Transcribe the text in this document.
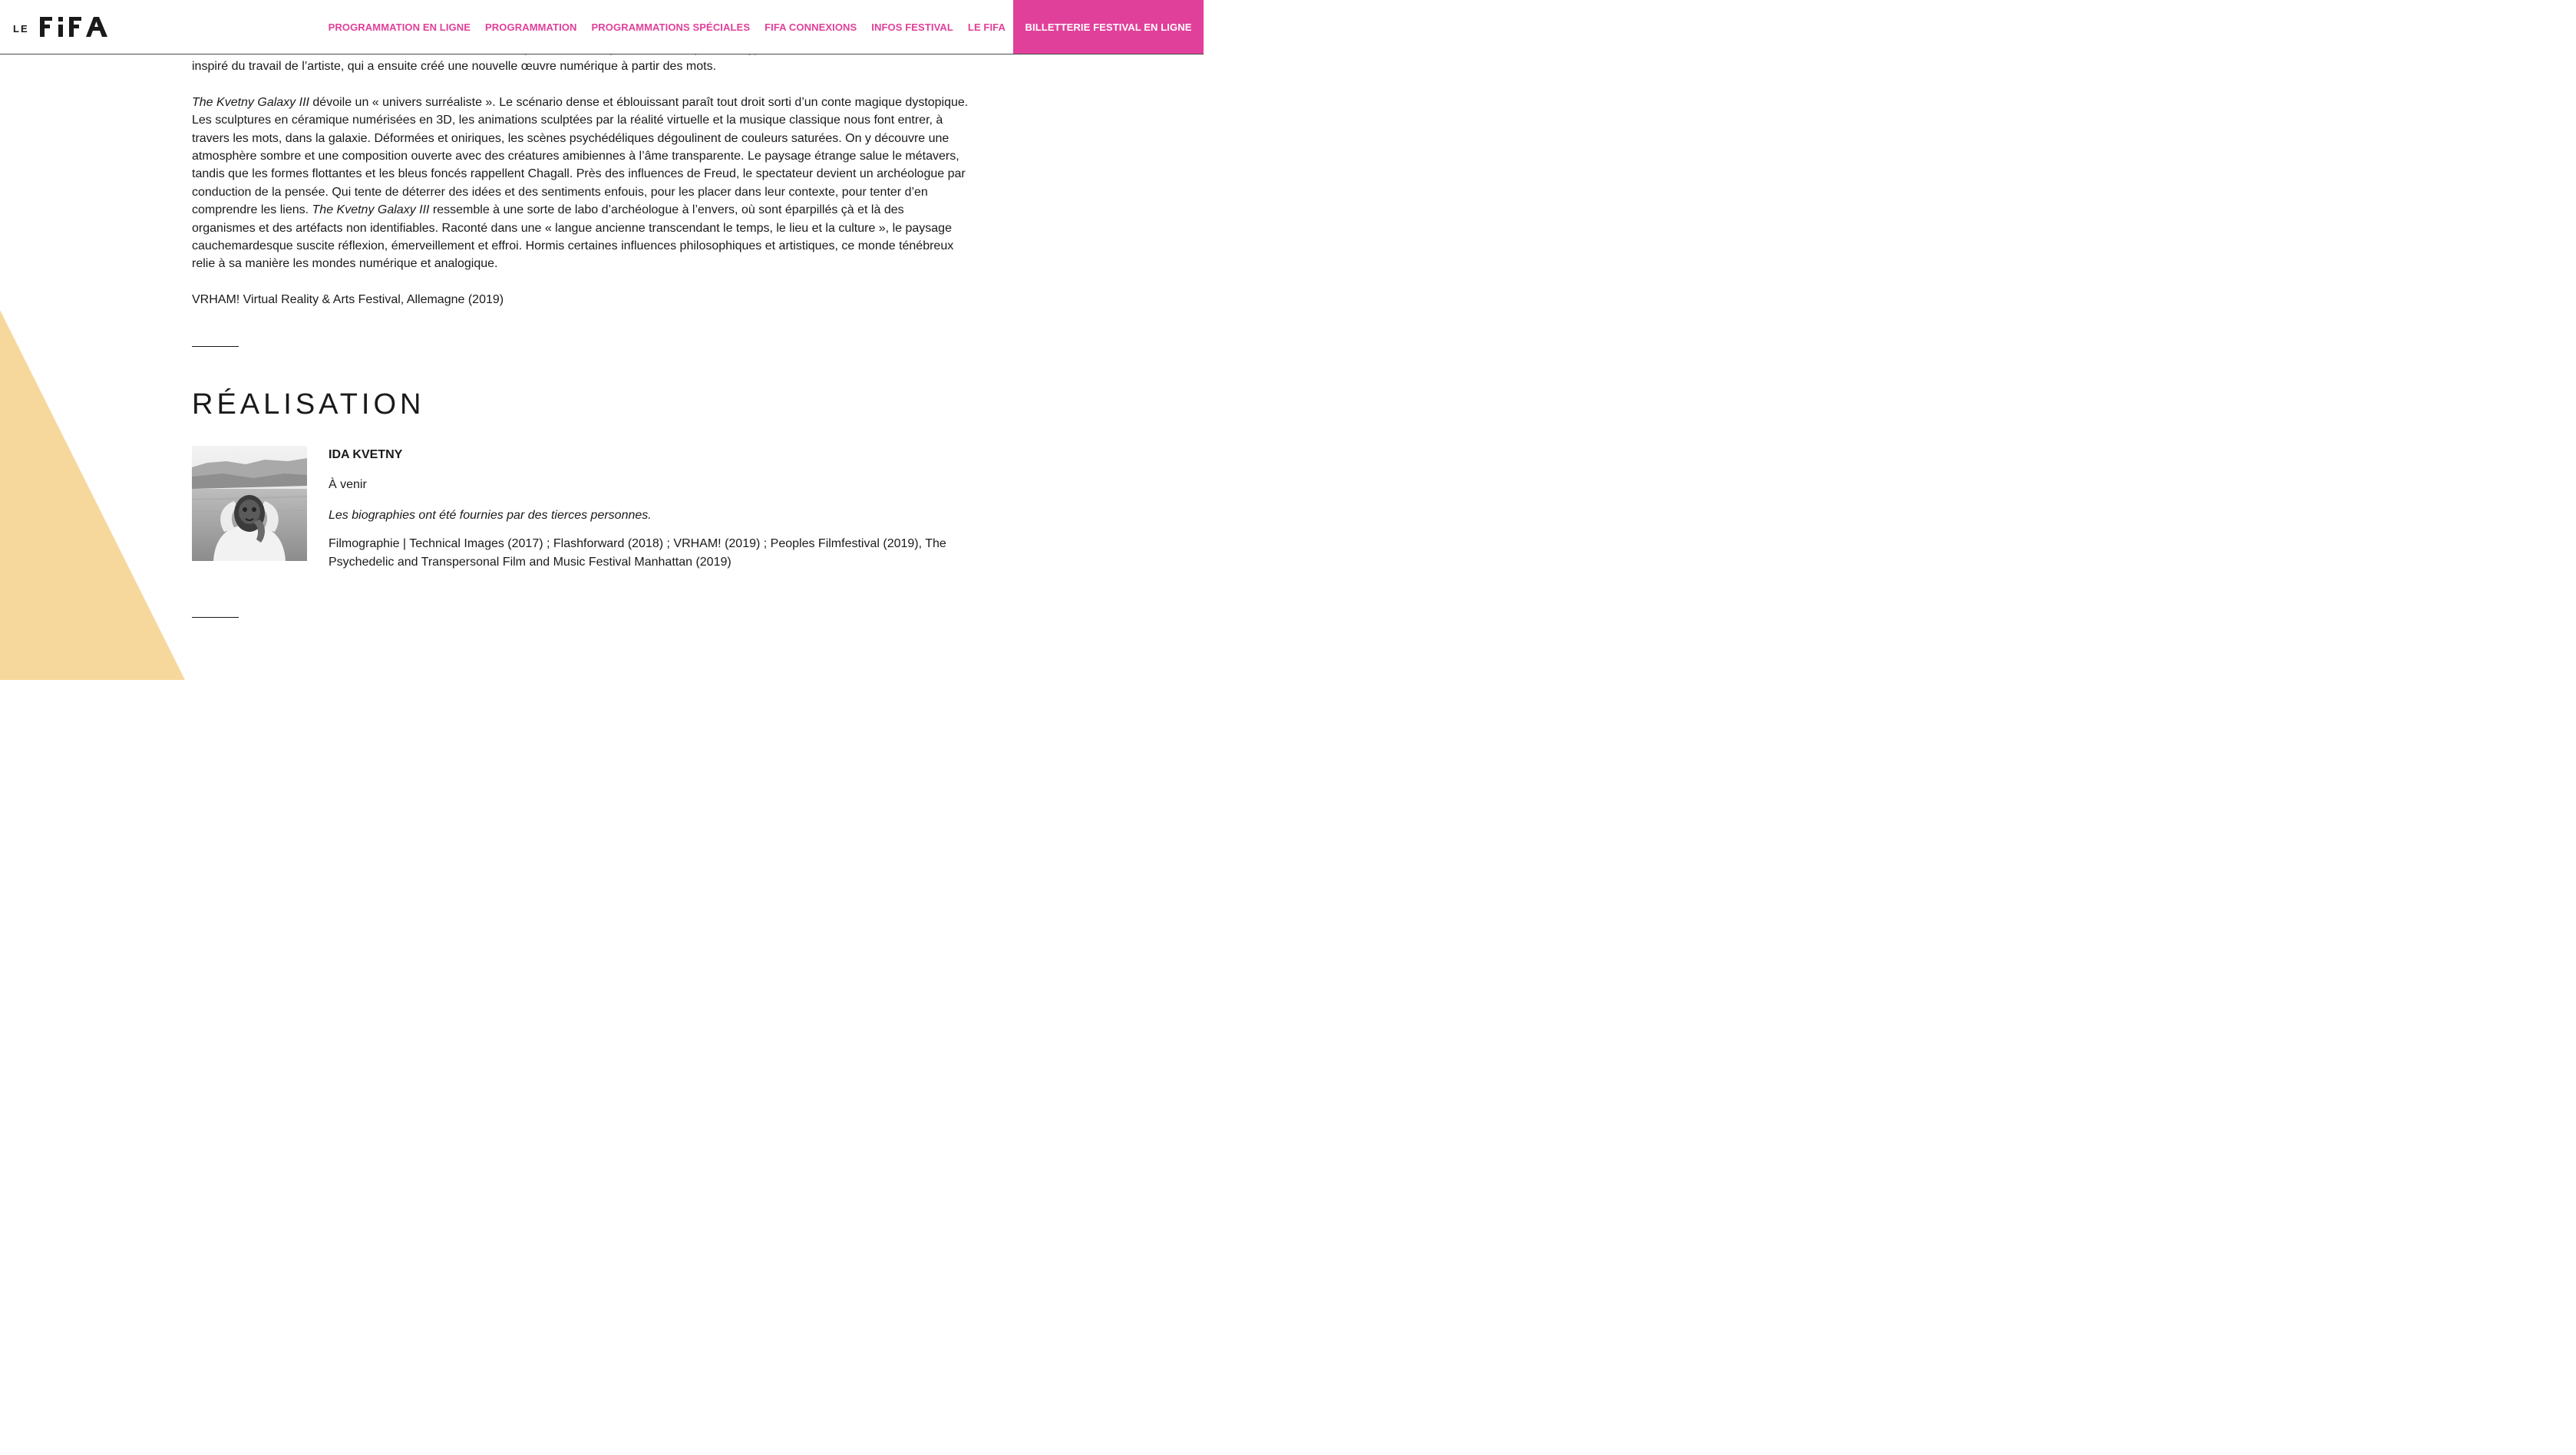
LE	PROGRAMMATION EN LIGNE PROGRAMMATION PROGRAMMATIONS SPÉCIALES FIFA CONNEXIONS INFOS FESTIVAL LE FIFA	BILLETTERIE FESTIVAL EN LIGNE

inspiré du travail de l’artiste, qui a ensuite créé une nouvelle œuvre numérique à partir des mots.

The Kvetny Galaxy III dévoile un « univers surréaliste ». Le scénario dense et éblouissant paraît tout droit sorti d’un conte magique dystopique. Les sculptures en céramique numérisées en 3D, les animations sculptées par la réalité virtuelle et la musique classique nous font entrer, à travers les mots, dans la galaxie. Déformées et oniriques, les scènes psychédéliques dégoulinent de couleurs saturées. On y découvre une atmosphère sombre et une composition ouverte avec des créatures amibiennes à l’âme transparente. Le paysage étrange salue le métavers, tandis que les formes flottantes et les bleus foncés rappellent Chagall. Près des influences de Freud, le spectateur devient un archéologue par conduction de la pensée. Qui tente de déterrer des idées et des sentiments enfouis, pour les placer dans leur contexte, pour tenter d’en comprendre les liens. The Kvetny Galaxy III ressemble à une sorte de labo d’archéologue à l’envers, où sont éparpillés çà et là des organismes et des artéfacts non identifiables. Raconté dans une « langue ancienne transcendant le temps, le lieu et la culture », le paysage cauchemardesque suscite réflexion, émerveillement et effroi. Hormis certaines influences philosophiques et artistiques, ce monde ténébreux relie à sa manière les mondes numérique et analogique.

VRHAM! Virtual Reality & Arts Festival, Allemagne (2019)

RÉALISATION

IDA KVETNY

À venir

Les biographies ont été fournies par des tierces personnes.

Filmographie | Technical Images (2017) ; Flashforward (2018) ; VRHAM! (2019) ; Peoples Filmfestival (2019), The Psychedelic and Transpersonal Film and Music Festival Manhattan (2019)
